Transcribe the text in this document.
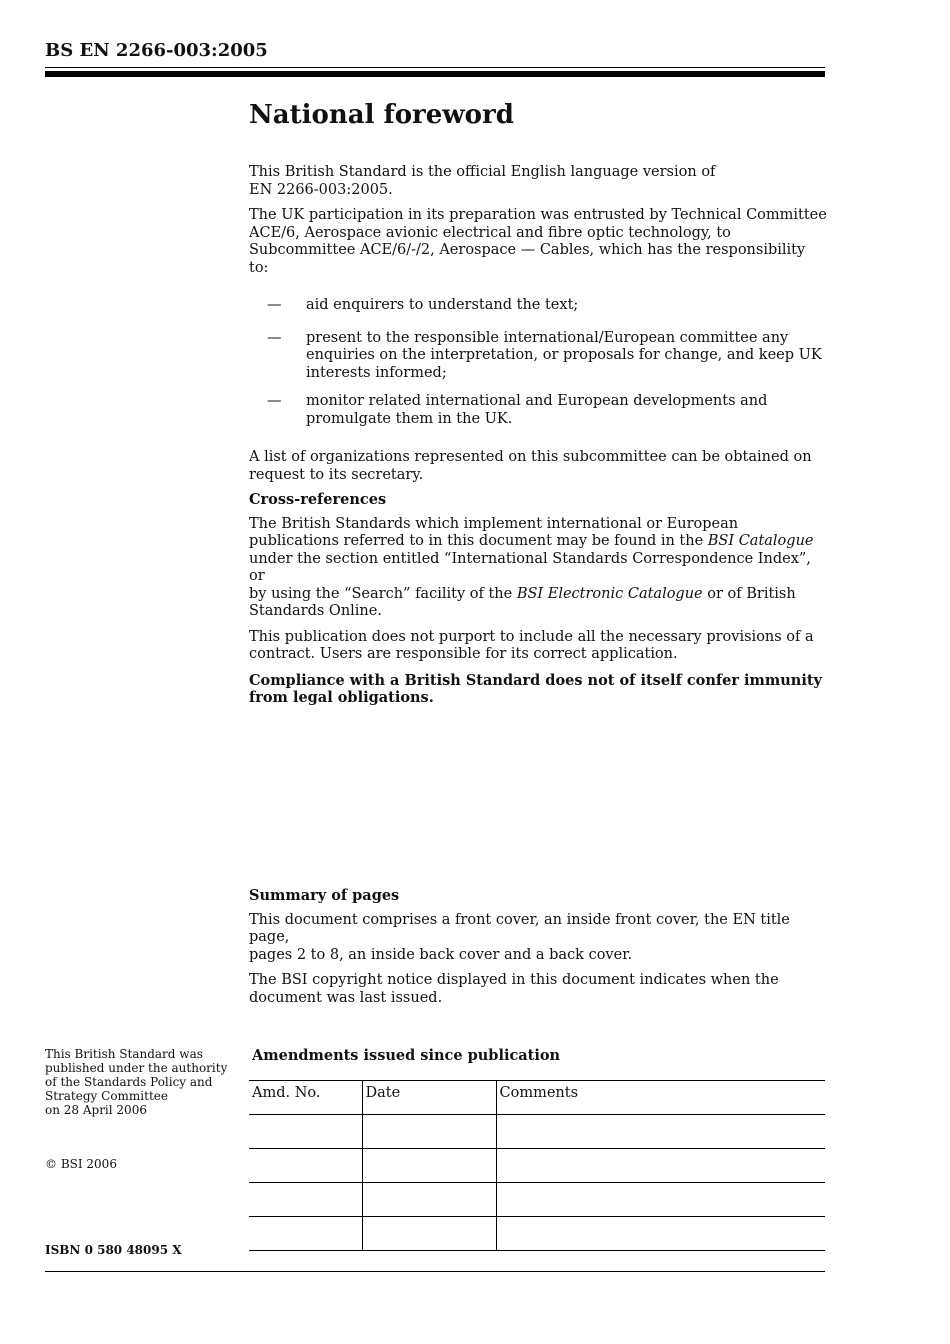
BS EN 2266-003:2005
National foreword

This British Standard is the official English language version of
EN 2266-003:2005.

The UK participation in its preparation was entrusted by Technical Committee
ACE/6, Aerospace avionic electrical and fibre optic technology, to
Subcommittee ACE/6/-/2, Aerospace — Cables, which has the responsibility to:

— aid enquirers to understand the text;
— present to the responsible international/European committee any
enquiries on the interpretation, or proposals for change, and keep UK
interests informed;
— monitor related international and European developments and
promulgate them in the UK.

A list of organizations represented on this subcommittee can be obtained on
request to its secretary.

Cross-references

The British Standards which implement international or European
publications referred to in this document may be found in the BSI Catalogue
under the section entitled “International Standards Correspondence Index”, or
by using the “Search” facility of the BSI Electronic Catalogue or of British
Standards Online.

This publication does not purport to include all the necessary provisions of a
contract. Users are responsible for its correct application.

Compliance with a British Standard does not of itself confer immunity
from legal obligations.

Summary of pages

This document comprises a front cover, an inside front cover, the EN title page,
pages 2 to 8, an inside back cover and a back cover.

The BSI copyright notice displayed in this document indicates when the
document was last issued.

This British Standard was
published under the authority
of the Standards Policy and
Strategy Committee
on 28 April 2006
© BSI 2006
ISBN 0 580 48095 X
Amendments issued since publication
Amd. No.	Date	Comments
